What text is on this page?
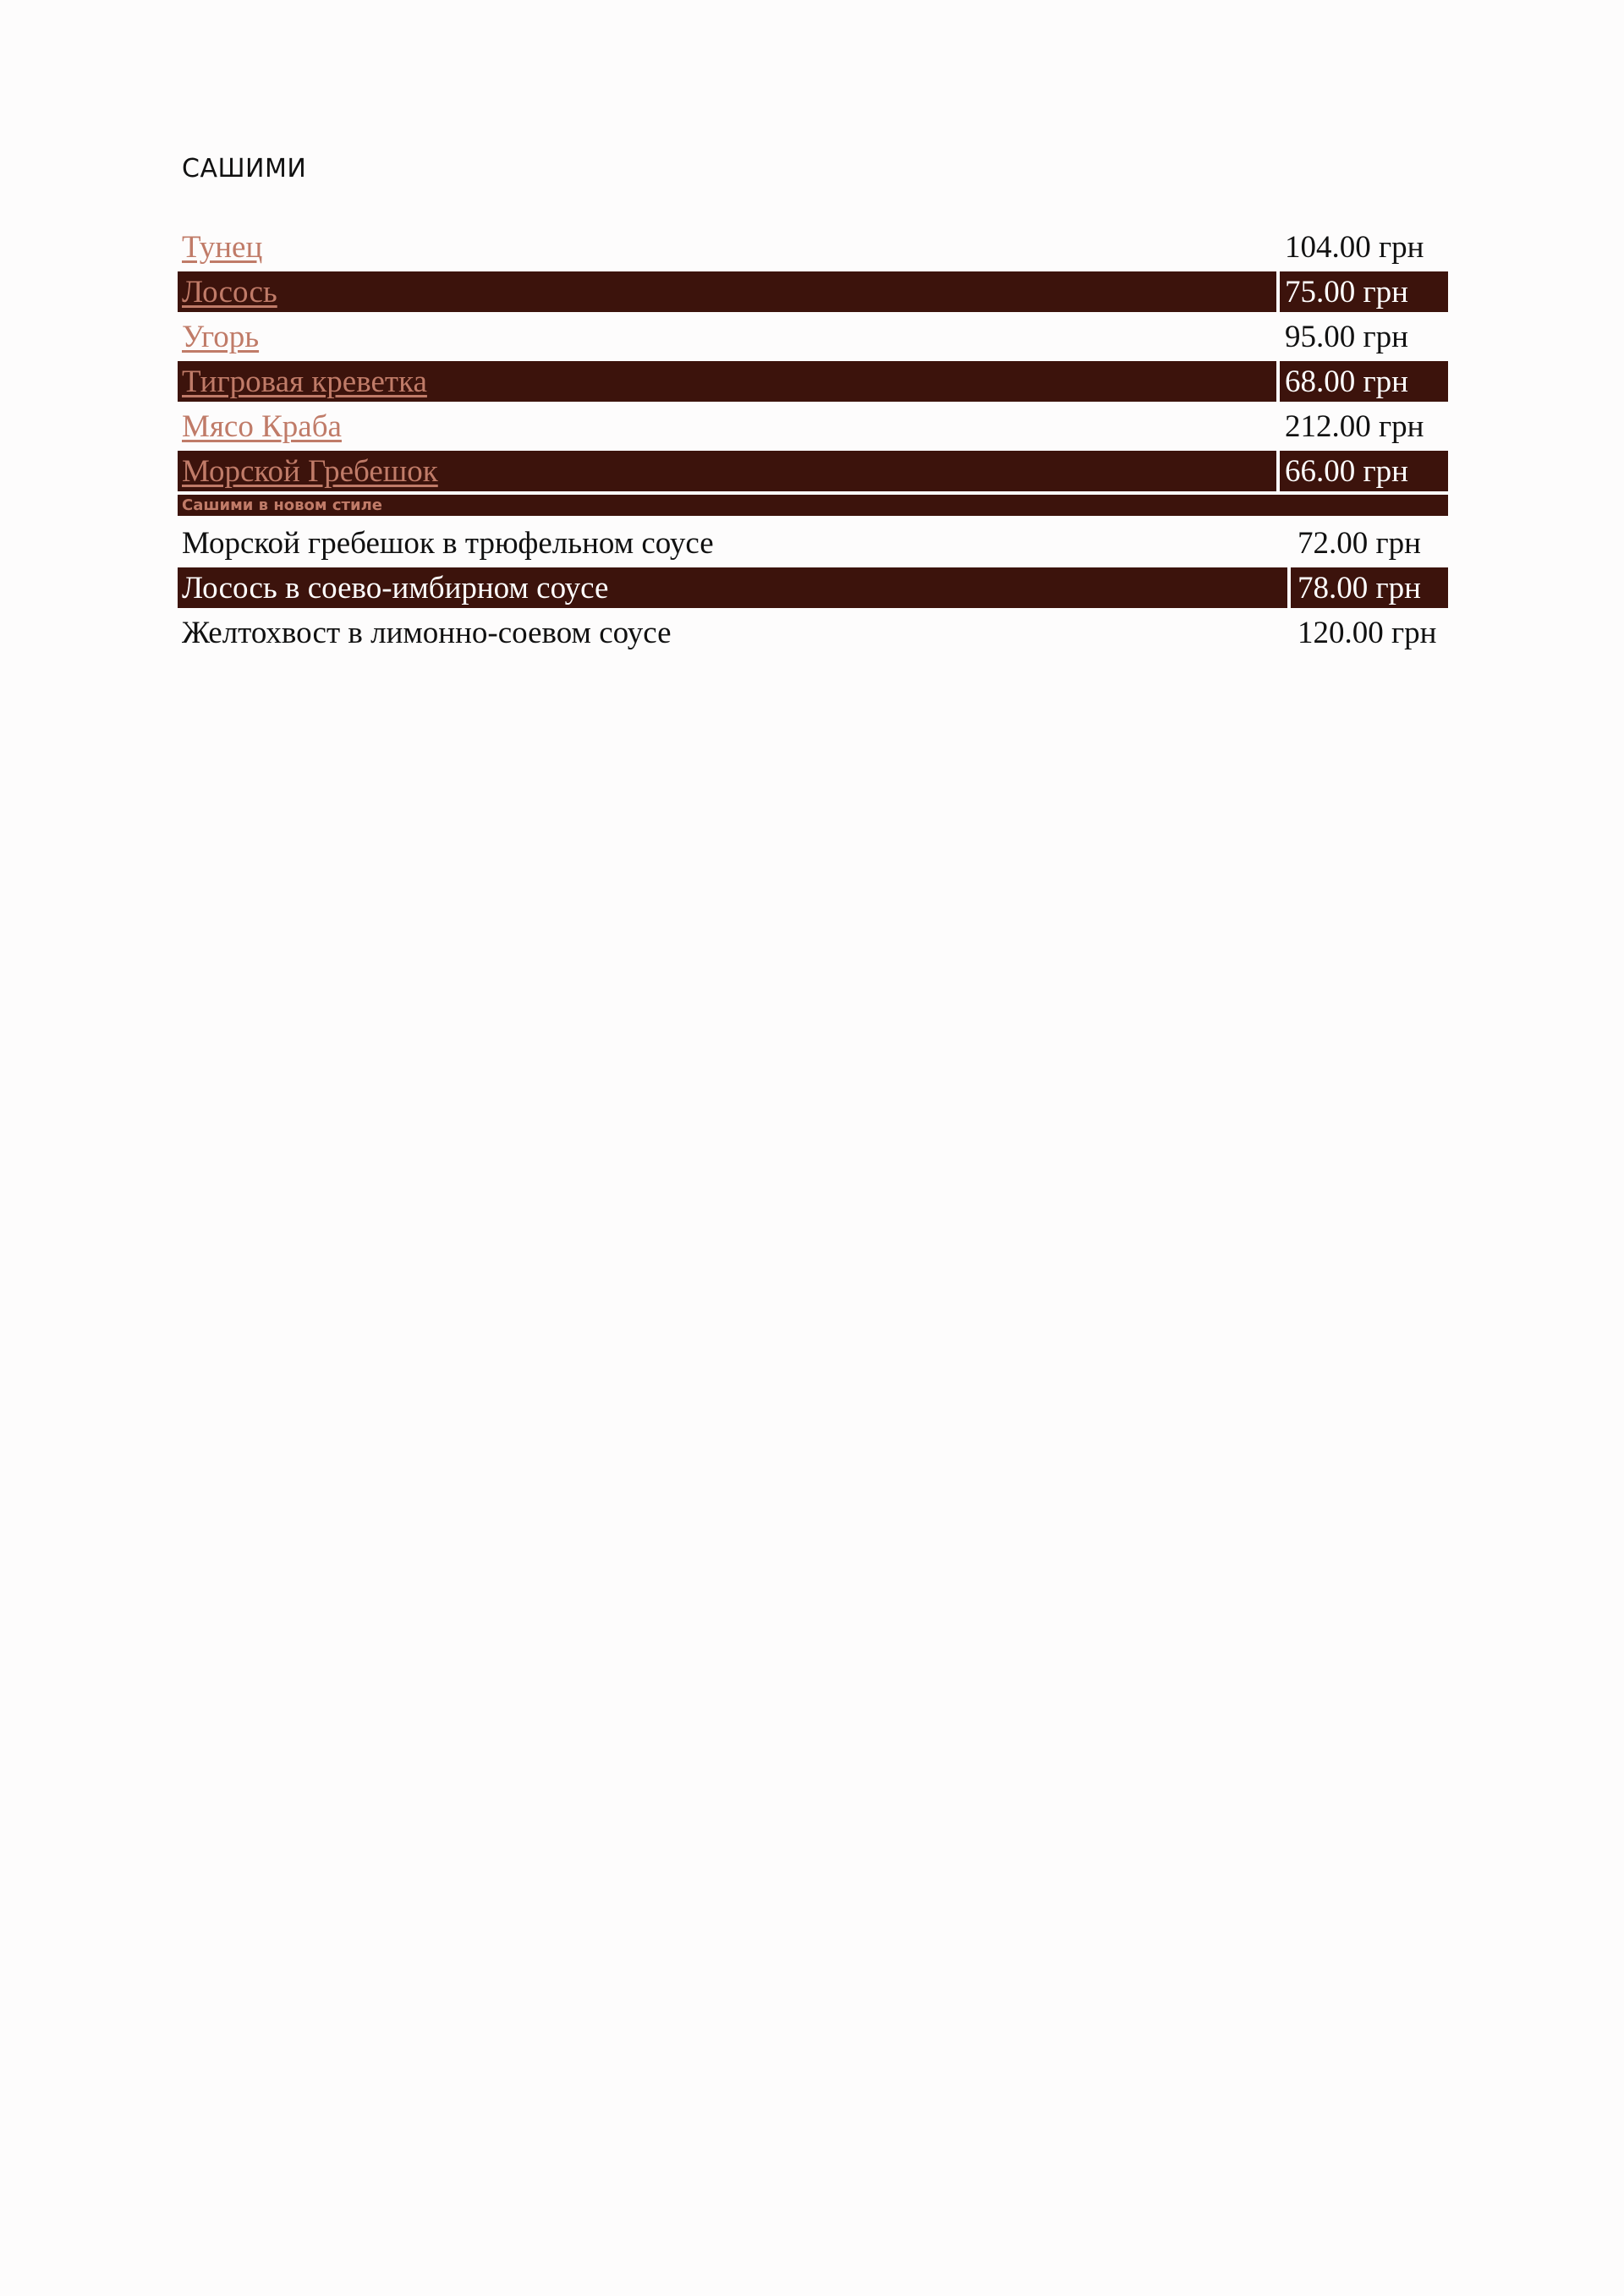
САШИМИ
Тунец	104.00 грн
Лосось	75.00 грн
Угорь	95.00 грн
Тигровая креветка	68.00 грн
Мясо Краба	212.00 грн
Морской Гребешок	66.00 грн
Сашими в новом стиле
Морской гребешок в трюфельном соусе	72.00 грн
Лосось в соево-имбирном соусе	78.00 грн
Желтохвост в лимонно-соевом соусе	120.00 грн
